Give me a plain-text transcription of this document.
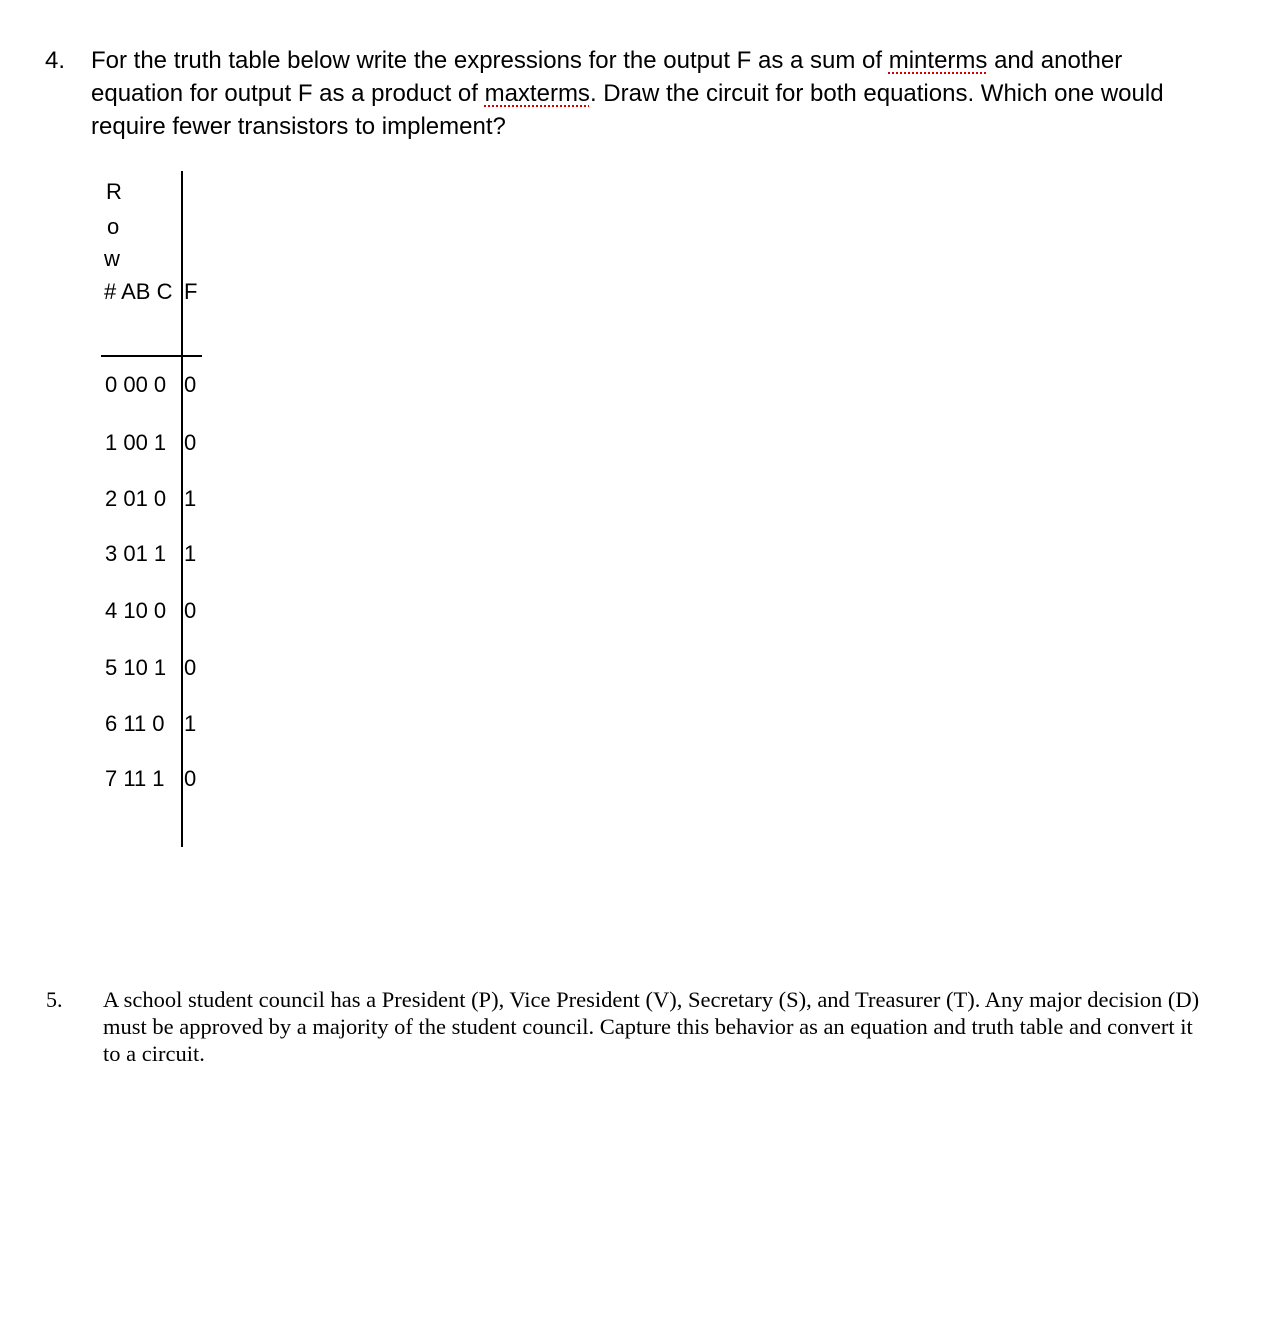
4. For the truth table below write the expressions for the output F as a sum of minterms and another equation for output F as a product of maxterms. Draw the circuit for both equations. Which one would require fewer transistors to implement?
R
o
w
# AB C F
0 00 0 0
1 00 1 0
2 01 0 1
3 01 1 1
4 10 0 0
5 10 1 0
6 11 0 1
7 11 1 0
5. A school student council has a President (P), Vice President (V), Secretary (S), and Treasurer (T). Any major decision (D) must be approved by a majority of the student council. Capture this behavior as an equation and truth table and convert it to a circuit.
